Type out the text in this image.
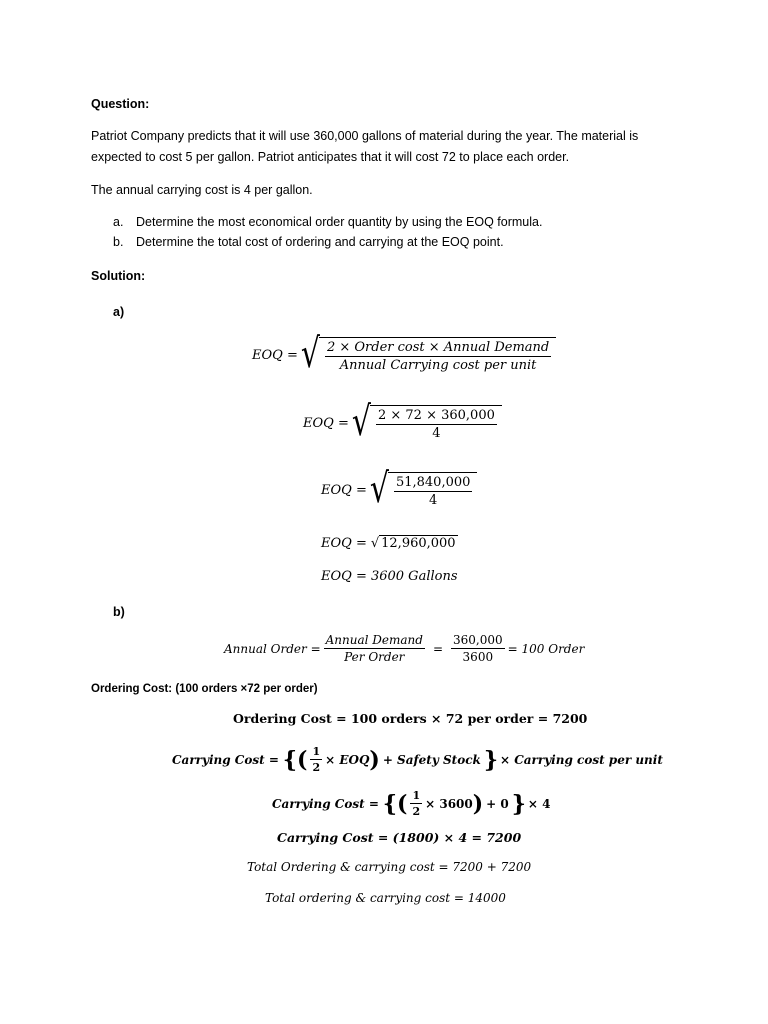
Question:
Patriot Company predicts that it will use 360,000 gallons of material during the year. The material is
expected to cost 5 per gallon. Patriot anticipates that it will cost 72 to place each order.
The annual carrying cost is 4 per gallon.
a. Determine the most economical order quantity by using the EOQ formula.
b. Determine the total cost of ordering and carrying at the EOQ point.
Solution:
a)
EOQ = √ $\frac{\text{2 × Order cost × Annual Demand}}{\text{Annual Carrying cost per unit}}$
EOQ = √ $\frac{2 \times 72 \times 360,000}{4}$
EOQ = √ $\frac{51,840,000}{4}$
EOQ = √ 12,960,000
EOQ = 3600 Gallons
b)
Annual Order = $\frac{\text{Annual Demand}}{\text{Per Order}} = \frac{360,000}{3600} = 100$ Order
Ordering Cost: (100 orders ×72 per order)
Ordering Cost = 100 orders × 72 per order = 7200
Carrying Cost = {( $\frac{1}{2}$ × EOQ ) + Safety Stock } × Carrying cost per unit
Carrying Cost = {( $\frac{1}{2} \times 3600$ ) + 0 } × 4
Carrying Cost = (1800) × 4 = 7200
Total Ordering & carrying cost = 7200 + 7200
Total ordering & carrying cost = 14000
